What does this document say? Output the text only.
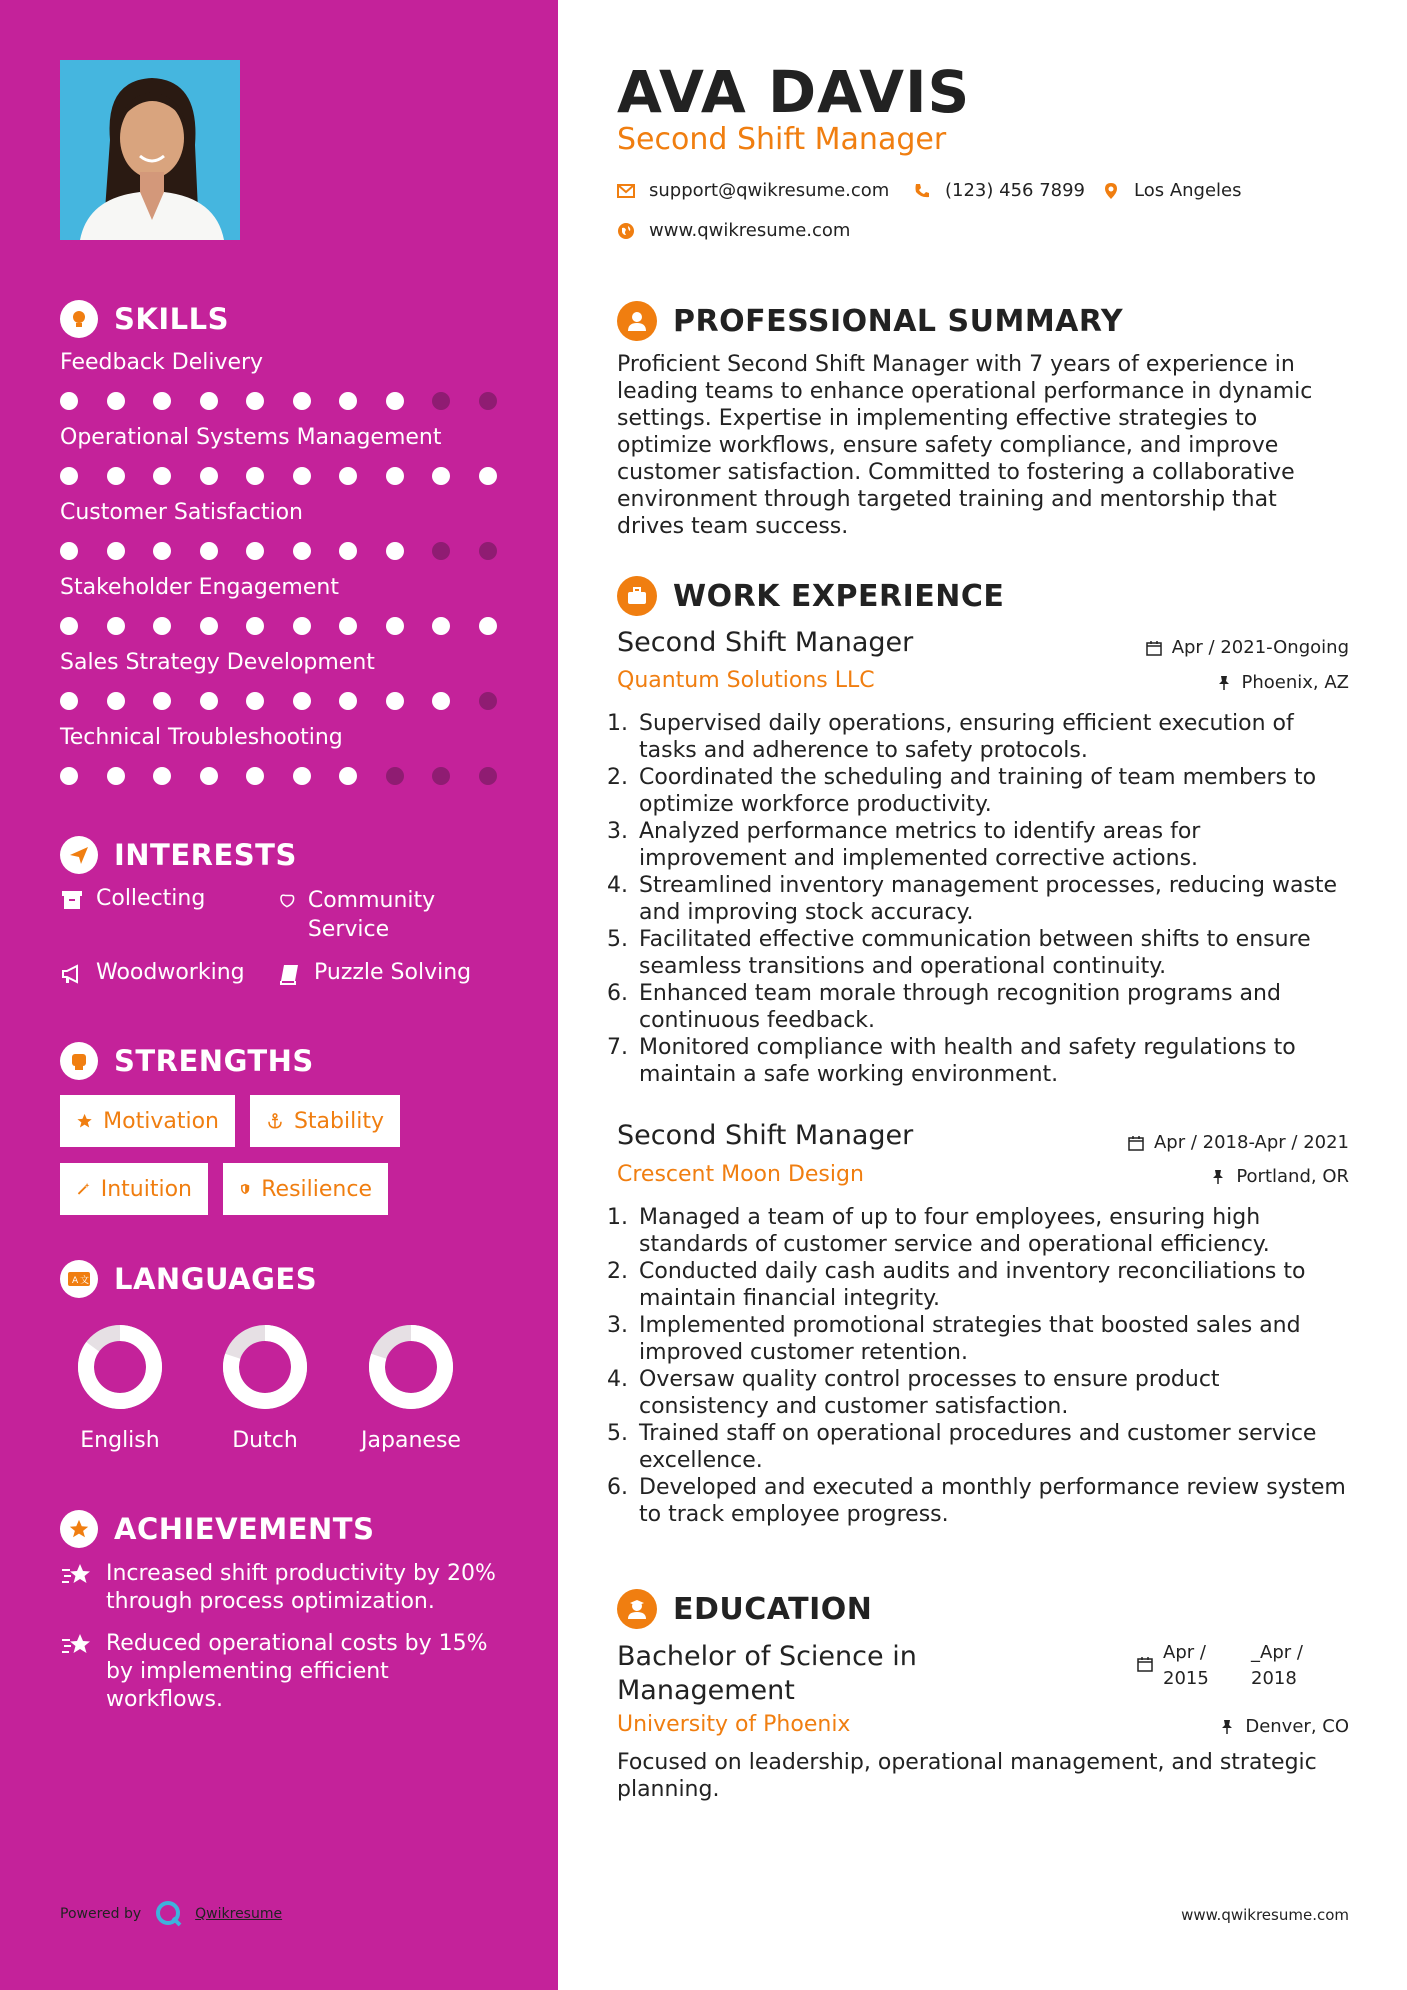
SKILLS
Feedback Delivery
Operational Systems Management
Customer Satisfaction
Stakeholder Engagement
Sales Strategy Development
Technical Troubleshooting
INTERESTS
Collecting	Community Service
Woodworking	Puzzle Solving
STRENGTHS
Motivation	Stability
Intuition	Resilience
A 文 LANGUAGES
English	Dutch	Japanese
ACHIEVEMENTS
Increased shift productivity by 20% through process optimization.
Reduced operational costs by 15% by implementing efficient workflows.
Powered by	Qwikresume
AVA DAVIS
Second Shift Manager
support@qwikresume.com	(123) 456 7899	Los Angeles
www.qwikresume.com
PROFESSIONAL SUMMARY
Proficient Second Shift Manager with 7 years of experience in leading teams to enhance operational performance in dynamic settings. Expertise in implementing effective strategies to optimize workflows, ensure safety compliance, and improve customer satisfaction. Committed to fostering a collaborative environment through targeted training and mentorship that drives team success.
WORK EXPERIENCE
Second Shift Manager	Apr / 2021-Ongoing
Quantum Solutions LLC	Phoenix, AZ
1. Supervised daily operations, ensuring efficient execution of tasks and adherence to safety protocols.
2. Coordinated the scheduling and training of team members to optimize workforce productivity.
3. Analyzed performance metrics to identify areas for improvement and implemented corrective actions.
4. Streamlined inventory management processes, reducing waste and improving stock accuracy.
5. Facilitated effective communication between shifts to ensure seamless transitions and operational continuity.
6. Enhanced team morale through recognition programs and continuous feedback.
7. Monitored compliance with health and safety regulations to maintain a safe working environment.
Second Shift Manager	Apr / 2018-Apr / 2021
Crescent Moon Design	Portland, OR
1. Managed a team of up to four employees, ensuring high standards of customer service and operational efficiency.
2. Conducted daily cash audits and inventory reconciliations to maintain financial integrity.
3. Implemented promotional strategies that boosted sales and improved customer retention.
4. Oversaw quality control processes to ensure product consistency and customer satisfaction.
5. Trained staff on operational procedures and customer service excellence.
6. Developed and executed a monthly performance review system to track employee progress.
EDUCATION
Bachelor of Science in Management
Apr / 2015
_Apr / 2018
University of Phoenix	Denver, CO
Focused on leadership, operational management, and strategic planning.
www.qwikresume.com
